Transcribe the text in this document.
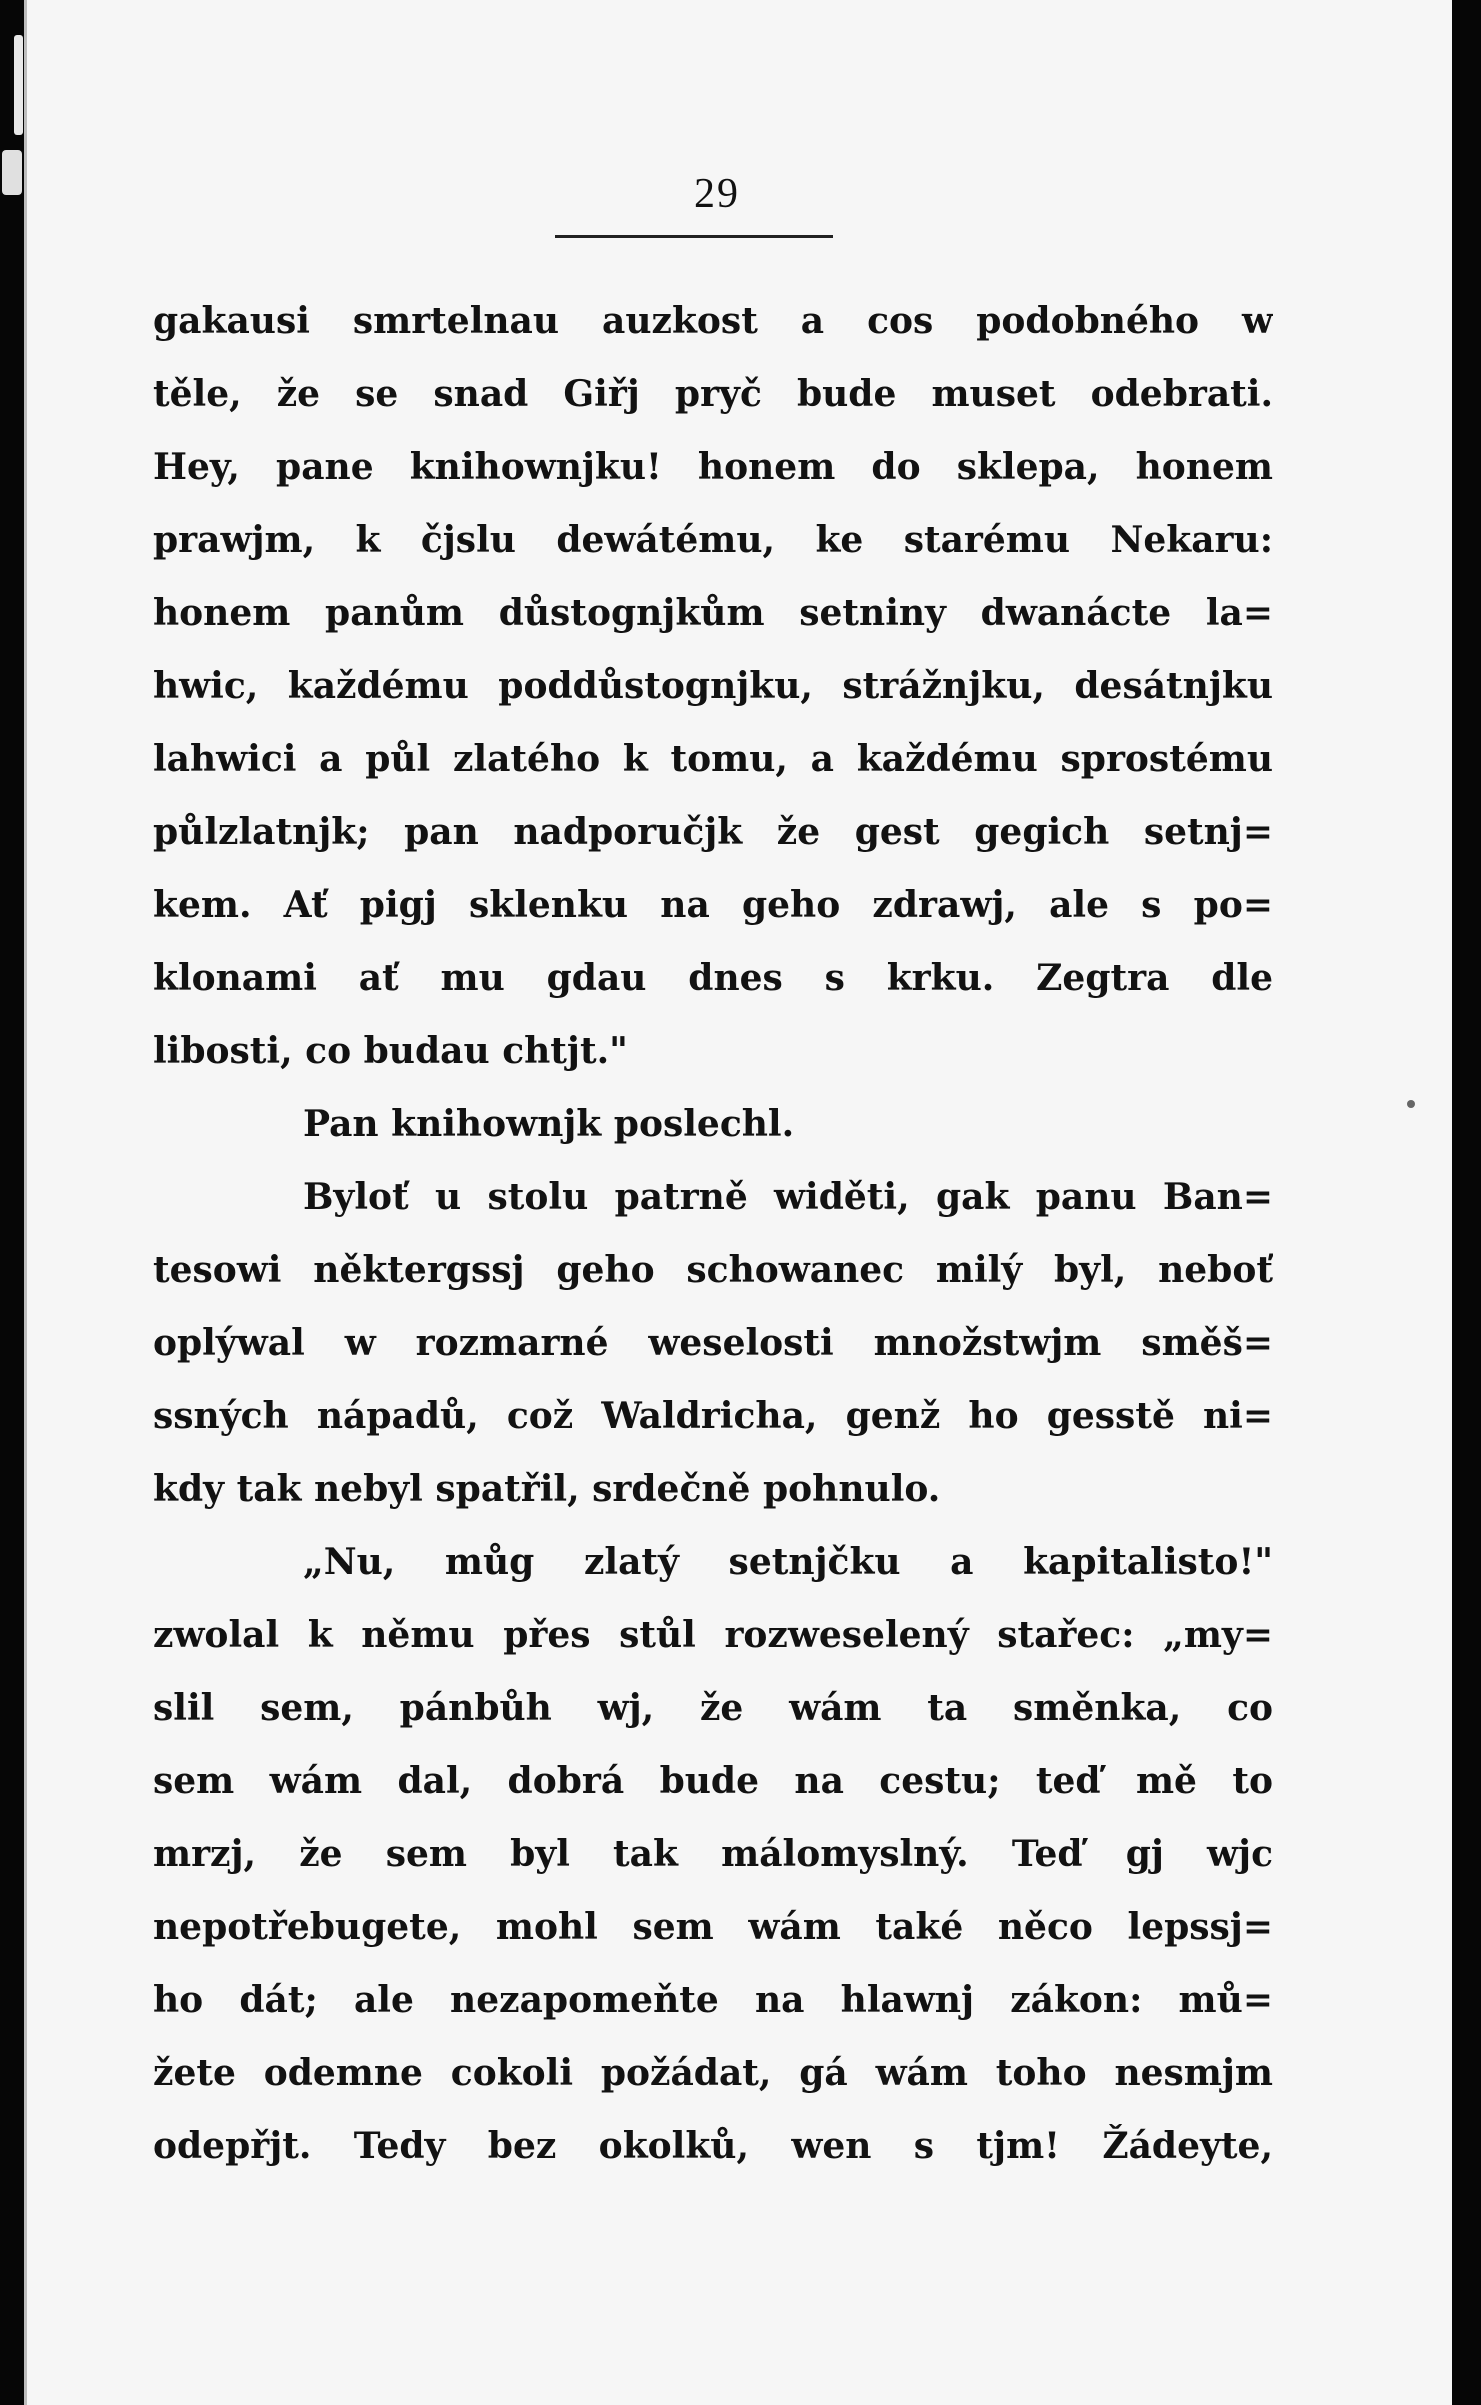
29
gakausi smrtelnau auzkost a cos podobného w
těle, že se snad Giřj pryč bude muset odebrati.
Hey, pane knihownjku! honem do sklepa, honem
prawjm, k čjslu dewátému, ke starému Nekaru:
honem panům důstognjkům setniny dwanácte la=
hwic, každému poddůstognjku, strážnjku, desátnjku
lahwici a půl zlatého k tomu, a každému sprostému
půlzlatnjk; pan nadporučjk že gest gegich setnj=
kem. Ať pigj sklenku na geho zdrawj, ale s po=
klonami ať mu gdau dnes s krku. Zegtra dle
libosti, co budau chtjt."
Pan knihownjk poslechl.
Byloť u stolu patrně widěti, gak panu Ban=
tesowi některgssj geho schowanec milý byl, neboť
oplýwal w rozmarné weselosti množstwjm směš=
ssných nápadů, což Waldricha, genž ho gesstě ni=
kdy tak nebyl spatřil, srdečně pohnulo.
„Nu, můg zlatý setnjčku a kapitalisto!"
zwolal k němu přes stůl rozweselený stařec: „my=
slil sem, pánbůh wj, že wám ta směnka, co
sem wám dal, dobrá bude na cestu; teď mě to
mrzj, že sem byl tak málomyslný. Teď gj wjc
nepotřebugete, mohl sem wám také něco lepssj=
ho dát; ale nezapomeňte na hlawnj zákon: mů=
žete odemne cokoli požádat, gá wám toho nesmjm
odepřjt. Tedy bez okolků, wen s tjm! Žádeyte,
